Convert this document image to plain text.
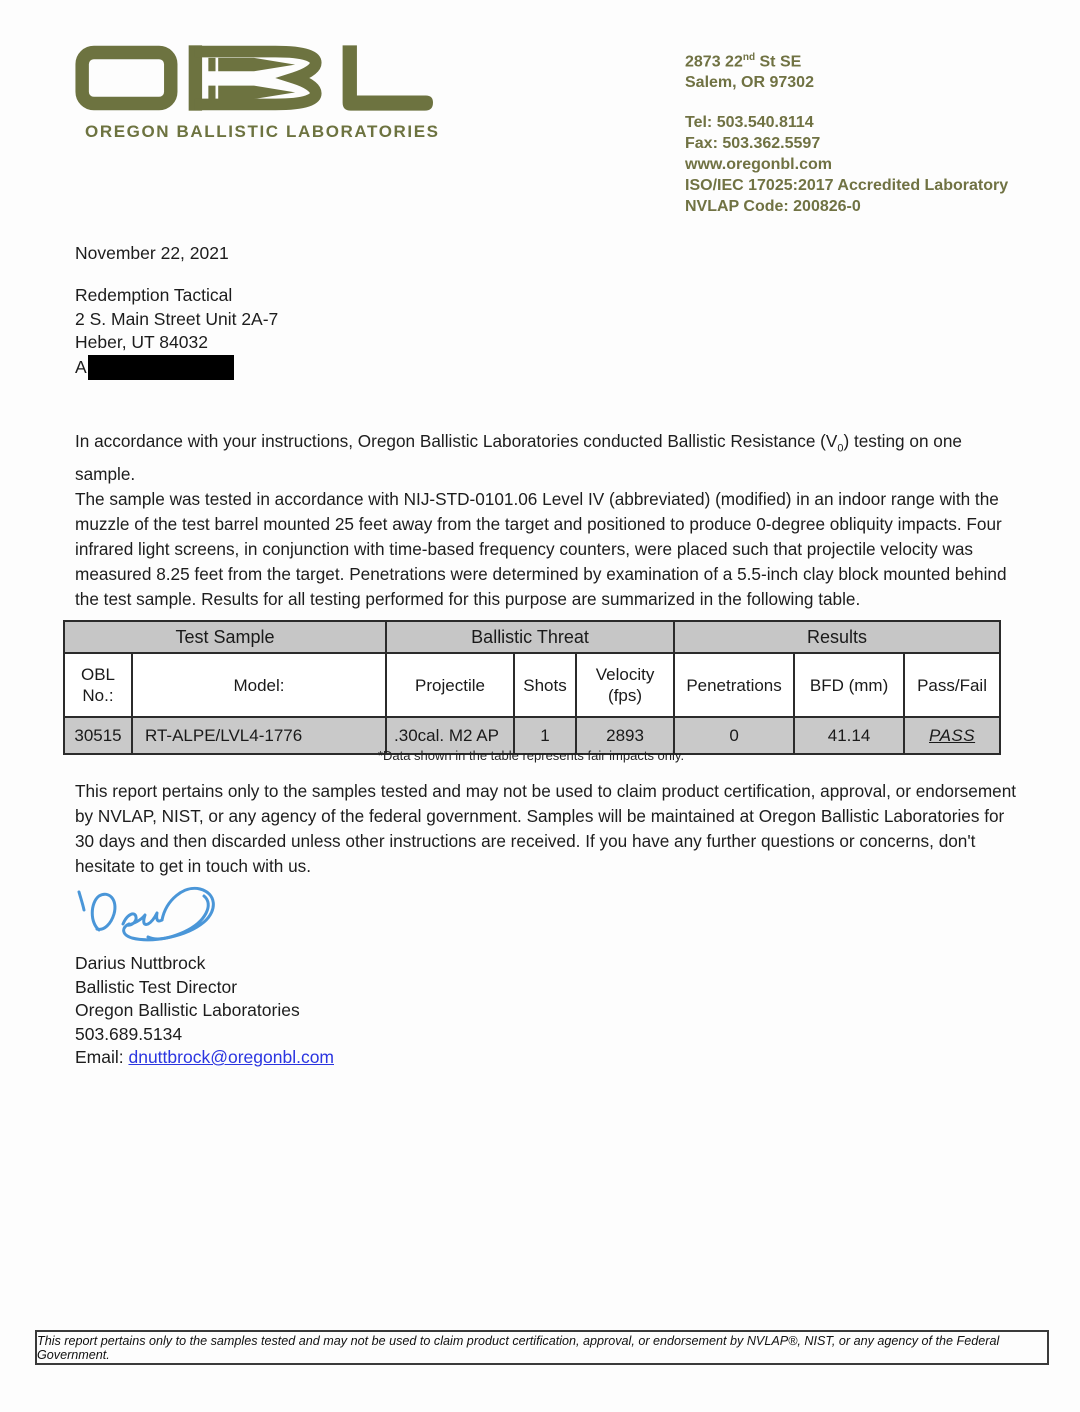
OREGON BALLISTIC LABORATORIES
2873 22nd St SE
Salem, OR 97302
Tel: 503.540.8114
Fax: 503.362.5597
www.oregonbl.com
ISO/IEC 17025:2017 Accredited Laboratory
NVLAP Code: 200826-0
November 22, 2021
Redemption Tactical
2 S. Main Street Unit 2A-7
Heber, UT 84032
A

In accordance with your instructions, Oregon Ballistic Laboratories conducted Ballistic Resistance $(V_0)$ testing on one sample.

The sample was tested in accordance with NIJ-STD-0101.06 Level IV (abbreviated) (modified) in an indoor range with the muzzle of the test barrel mounted 25 feet away from the target and positioned to produce 0-degree obliquity impacts. Four infrared light screens, in conjunction with time-based frequency counters, were placed such that projectile velocity was measured 8.25 feet from the target. Penetrations were determined by examination of a 5.5-inch clay block mounted behind the test sample. Results for all testing performed for this purpose are summarized in the following table.

Test Sample		Ballistic Threat			Results		
OBL No.:	Model:	Projectile	Shots	Velocity (fps)	Penetrations	BFD (mm)	Pass/Fail
30515	RT-ALPE/LVL4-1776	.30cal. M2 AP	1	2893	0	41.14	PASS
*Data shown in the table represents fair impacts only.

This report pertains only to the samples tested and may not be used to claim product certification, approval, or endorsement by NVLAP, NIST, or any agency of the federal government. Samples will be maintained at Oregon Ballistic Laboratories for 30 days and then discarded unless other instructions are received. If you have any further questions or concerns, don't hesitate to get in touch with us.

Darius Nuttbrock
Ballistic Test Director
Oregon Ballistic Laboratories
503.689.5134
Email: dnuttbrock@oregonbl.com
This report pertains only to the samples tested and may not be used to claim product certification, approval, or endorsement by NVLAP®, NIST, or any agency of the Federal Government.
